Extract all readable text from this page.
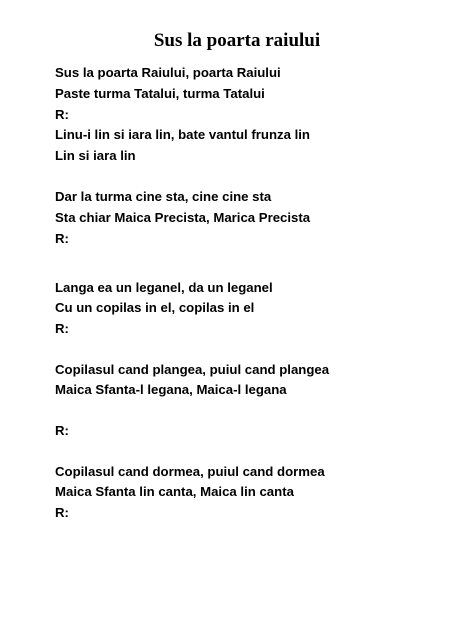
Sus la poarta raiului
Sus la poarta Raiului, poarta Raiului
Paste turma Tatalui, turma Tatalui
R:
Linu-i lin si iara lin, bate vantul frunza lin
Lin si iara lin
Dar la turma cine sta, cine cine sta
Sta chiar Maica Precista, Marica Precista
R:
Langa ea un leganel, da un leganel
Cu un copilas in el, copilas in el
R:
Copilasul cand plangea, puiul cand plangea
Maica Sfanta-l legana, Maica-l legana
R:
Copilasul cand dormea, puiul cand dormea
Maica Sfanta lin canta, Maica lin canta
R:
